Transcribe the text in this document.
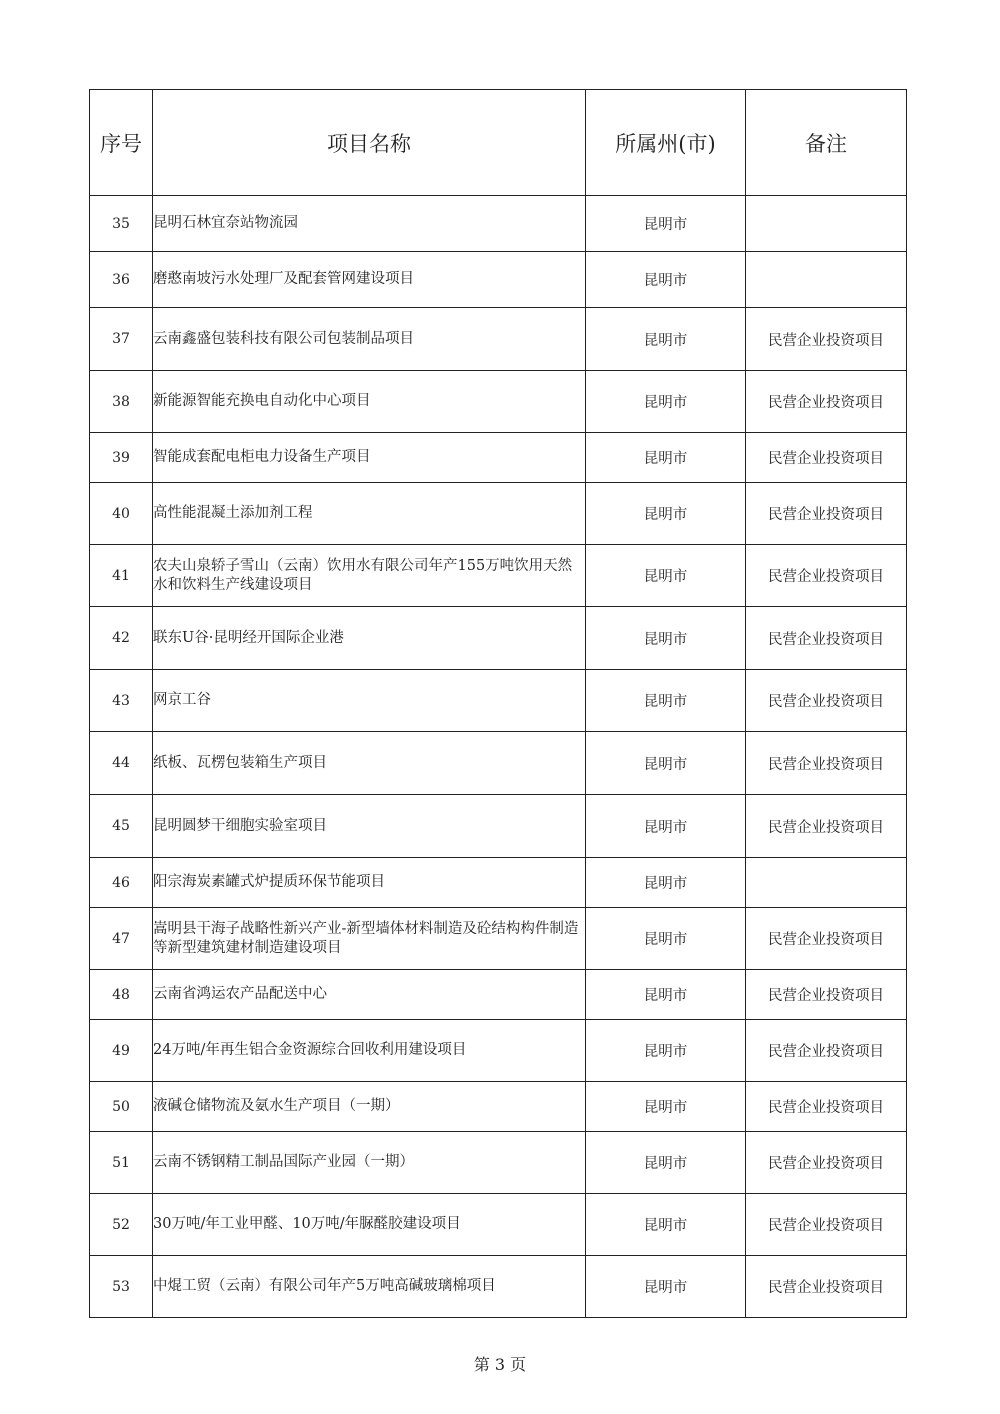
序号	项目名称	所属州(市)	备注
35	昆明石林宜奈站物流园	昆明市	
36	磨憨南坡污水处理厂及配套管网建设项目	昆明市	
37	云南鑫盛包装科技有限公司包装制品项目	昆明市	民营企业投资项目
38	新能源智能充换电自动化中心项目	昆明市	民营企业投资项目
39	智能成套配电柜电力设备生产项目	昆明市	民营企业投资项目
40	高性能混凝土添加剂工程	昆明市	民营企业投资项目
41	农夫山泉轿子雪山（云南）饮用水有限公司年产155万吨饮用天然水和饮料生产线建设项目	昆明市	民营企业投资项目
42	联东U谷·昆明经开国际企业港	昆明市	民营企业投资项目
43	网京工谷	昆明市	民营企业投资项目
44	纸板、瓦楞包装箱生产项目	昆明市	民营企业投资项目
45	昆明圆梦干细胞实验室项目	昆明市	民营企业投资项目
46	阳宗海炭素罐式炉提质环保节能项目	昆明市	
47	嵩明县干海子战略性新兴产业-新型墙体材料制造及砼结构构件制造等新型建筑建材制造建设项目	昆明市	民营企业投资项目
48	云南省鸿运农产品配送中心	昆明市	民营企业投资项目
49	24万吨/年再生铝合金资源综合回收利用建设项目	昆明市	民营企业投资项目
50	液碱仓储物流及氨水生产项目（一期）	昆明市	民营企业投资项目
51	云南不锈钢精工制品国际产业园（一期）	昆明市	民营企业投资项目
52	30万吨/年工业甲醛、10万吨/年脲醛胶建设项目	昆明市	民营企业投资项目
53	中焜工贸（云南）有限公司年产5万吨高碱玻璃棉项目	昆明市	民营企业投资项目
第 3 页
